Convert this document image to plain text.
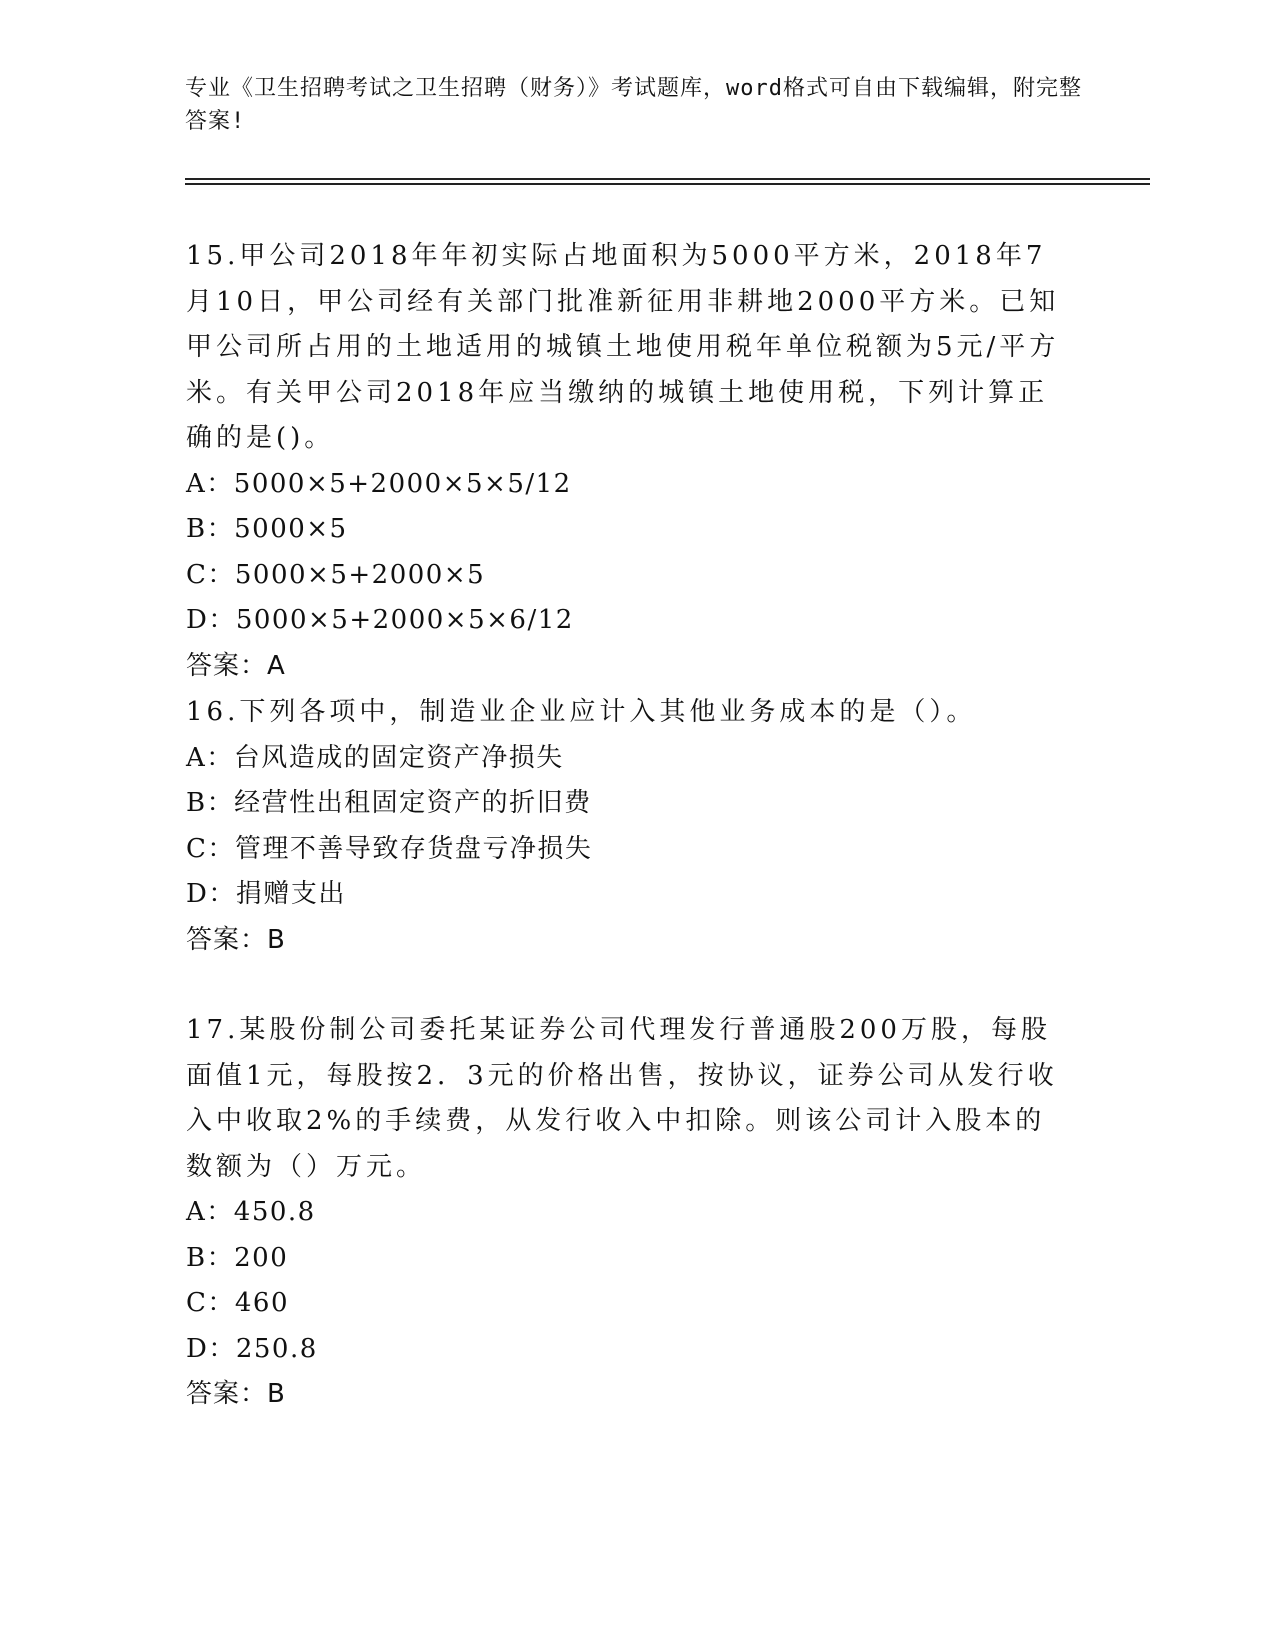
专业《卫生招聘考试之卫生招聘（财务）》考试题库，word格式可自由下载编辑，附完整答案!

15.甲公司2018年年初实际占地面积为5000平方米，2018年7月10日，甲公司经有关部门批准新征用非耕地2000平方米。已知甲公司所占用的土地适用的城镇土地使用税年单位税额为5元/平方米。有关甲公司2018年应当缴纳的城镇土地使用税，下列计算正确的是()。

A：5000×5+2000×5×5/12

B：5000×5

C：5000×5+2000×5

D：5000×5+2000×5×6/12

答案：A

16.下列各项中，制造业企业应计入其他业务成本的是（）。

A：台风造成的固定资产净损失

B：经营性出租固定资产的折旧费

C：管理不善导致存货盘亏净损失

D：捐赠支出

答案：B

17.某股份制公司委托某证券公司代理发行普通股200万股，每股面值1元，每股按2．3元的价格出售，按协议，证券公司从发行收入中收取2%的手续费，从发行收入中扣除。则该公司计入股本的数额为（）万元。

A：450.8

B：200

C：460

D：250.8

答案：B
